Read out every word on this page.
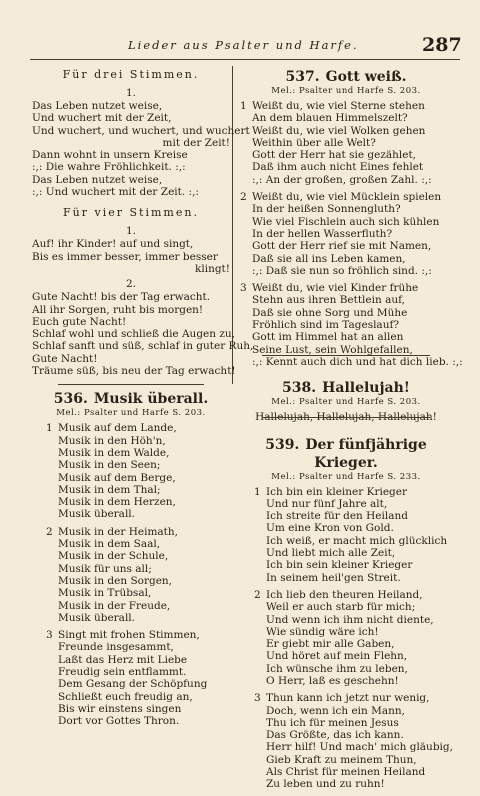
Lieder aus Psalter und Harfe.	287
Für drei Stimmen.
1.
Das Leben nutzet weise,
Und wuchert mit der Zeit,
Und wuchert, und wuchert, und wuchert
mit der Zeit!
Dann wohnt in unsern Kreise
:,: Die wahre Fröhlichkeit. :,:
Das Leben nutzet weise,
:,: Und wuchert mit der Zeit. :,:
Für vier Stimmen.
1.
Auf! ihr Kinder! auf und singt,
Bis es immer besser, immer besser
klingt!
2.
Gute Nacht! bis der Tag erwacht.
All ihr Sorgen, ruht bis morgen!
Euch gute Nacht!
Schlaf wohl und schließ die Augen zu,
Schlaf sanft und süß, schlaf in guter Ruh,
Gute Nacht!
Träume süß, bis neu der Tag erwacht!
536. Musik überall.
Mel.: Psalter und Harfe S. 203.
1 Musik auf dem Lande,
Musik in den Höh'n,
Musik in dem Walde,
Musik in den Seen;
Musik auf dem Berge,
Musik in dem Thal;
Musik in dem Herzen,
Musik überall.
2 Musik in der Heimath,
Musik in dem Saal,
Musik in der Schule,
Musik für uns all;
Musik in den Sorgen,
Musik in Trübsal,
Musik in der Freude,
Musik überall.
3 Singt mit frohen Stimmen,
Freunde insgesammt,
Laßt das Herz mit Liebe
Freudig sein entflammt.
Dem Gesang der Schöpfung
Schließt euch freudig an,
Bis wir einstens singen
Dort vor Gottes Thron.
537. Gott weiß.
Mel.: Psalter und Harfe S. 203.
1 Weißt du, wie viel Sterne stehen
An dem blauen Himmelszelt?
Weißt du, wie viel Wolken gehen
Weithin über alle Welt?
Gott der Herr hat sie gezählet,
Daß ihm auch nicht Eines fehlet
:,: An der großen, großen Zahl. :,:
2 Weißt du, wie viel Mücklein spielen
In der heißen Sonnengluth?
Wie viel Fischlein auch sich kühlen
In der hellen Wasserfluth?
Gott der Herr rief sie mit Namen,
Daß sie all ins Leben kamen,
:,: Daß sie nun so fröhlich sind. :,:
3 Weißt du, wie viel Kinder frühe
Stehn aus ihren Bettlein auf,
Daß sie ohne Sorg und Mühe
Fröhlich sind im Tageslauf?
Gott im Himmel hat an allen
Seine Lust, sein Wohlgefallen,
:,: Kennt auch dich und hat dich lieb. :,:
538. Hallelujah!
Mel.: Psalter und Harfe S. 203.
Hallelujah, Hallelujah, Hallelujah!
539. Der fünfjährige Krieger.
Mel.: Psalter und Harfe S. 233.
1 Ich bin ein kleiner Krieger
Und nur fünf Jahre alt,
Ich streite für den Heiland
Um eine Kron von Gold.
Ich weiß, er macht mich glücklich
Und liebt mich alle Zeit,
Ich bin sein kleiner Krieger
In seinem heil'gen Streit.
2 Ich lieb den theuren Heiland,
Weil er auch starb für mich;
Und wenn ich ihm nicht diente,
Wie sündig wäre ich!
Er giebt mir alle Gaben,
Und höret auf mein Flehn,
Ich wünsche ihm zu leben,
O Herr, laß es geschehn!
3 Thun kann ich jetzt nur wenig,
Doch, wenn ich ein Mann,
Thu ich für meinen Jesus
Das Größte, das ich kann.
Herr hilf! Und mach' mich gläubig,
Gieb Kraft zu meinem Thun,
Als Christ für meinen Heiland
Zu leben und zu ruhn!
